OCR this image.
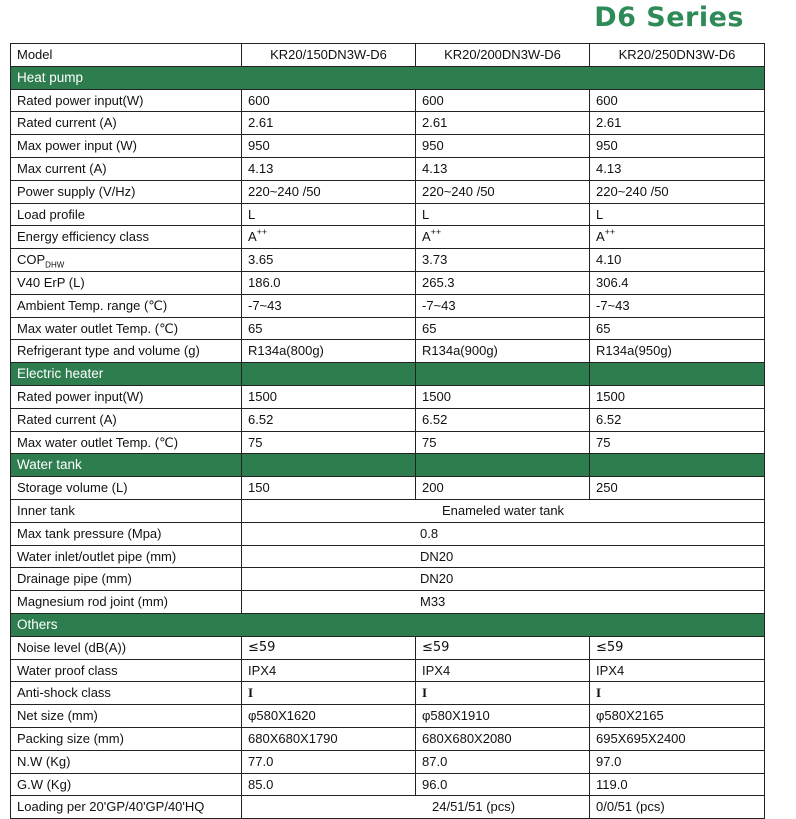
D6 Series
Model	KR20/150DN3W-D6	KR20/200DN3W-D6	KR20/250DN3W-D6
Heat pump			
Rated power input(W)	600	600	600
Rated current (A)	2.61	2.61	2.61
Max power input (W)	950	950	950
Max current (A)	4.13	4.13	4.13
Power supply (V/Hz)	220~240 /50	220~240 /50	220~240 /50
Load profile	L	L	L
Energy efficiency class	A++	A++	A++
$COP_{DHW}$	3.65	3.73	4.10
V40 ErP (L)	186.0	265.3	306.4
Ambient Temp. range (℃)	-7~43	-7~43	-7~43
Max water outlet Temp. (℃)	65	65	65
Refrigerant type and volume (g)	R134a(800g)	R134a(900g)	R134a(950g)
Electric heater			
Rated power input(W)	1500	1500	1500
Rated current (A)	6.52	6.52	6.52
Max water outlet Temp. (℃)	75	75	75
Water tank			
Storage volume (L)	150	200	250
Inner tank	Enameled water tank		
Max tank pressure (Mpa)	0.8		
Water inlet/outlet pipe (mm)	DN20		
Drainage pipe (mm)	DN20		
Magnesium rod joint (mm)	M33		
Others			
Noise level (dB(A))	≤59	≤59	≤59
Water proof class	IPX4	IPX4	IPX4
Anti-shock class	I	I	I
Net size (mm)	φ580X1620	φ580X1910	φ580X2165
Packing size (mm)	680X680X1790	680X680X2080	695X695X2400
N.W (Kg)	77.0	87.0	97.0
G.W (Kg)	85.0	96.0	119.0
Loading per 20'GP/40'GP/40'HQ	24/51/51 (pcs)		0/0/51 (pcs)
